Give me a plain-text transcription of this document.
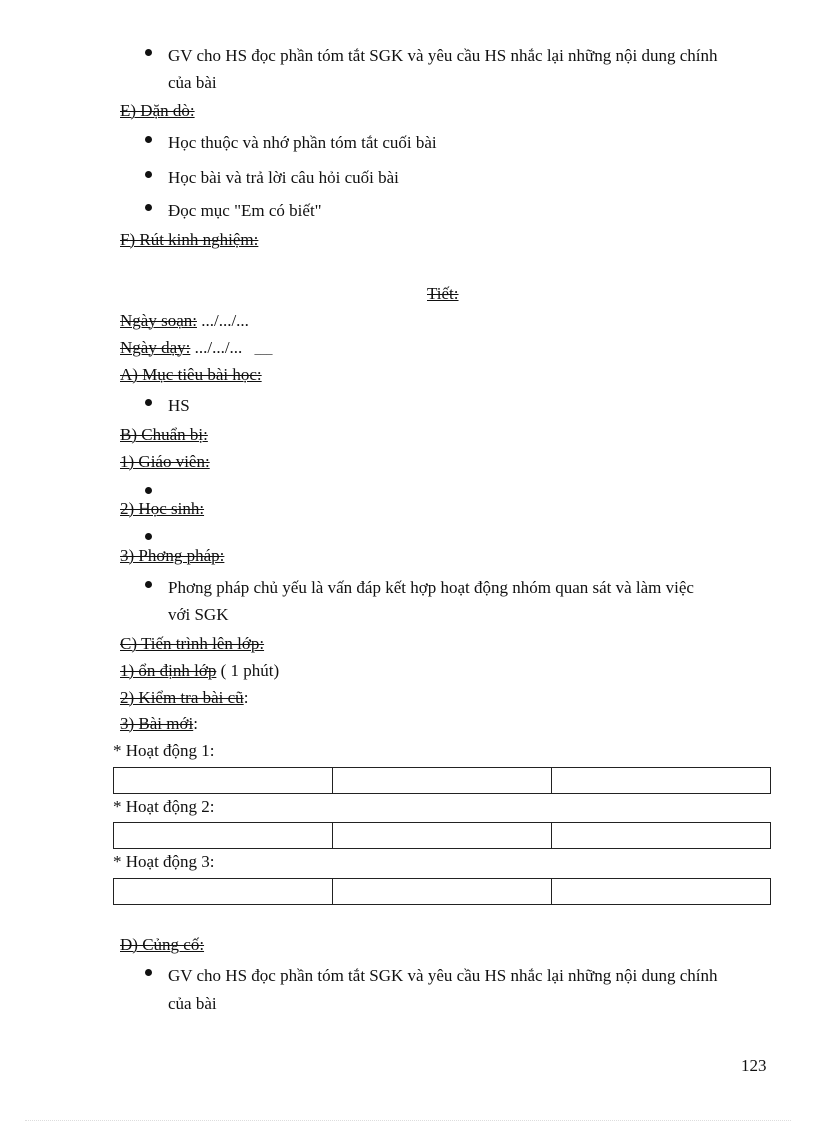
GV cho HS đọc phần tóm tắt SGK và yêu cầu HS nhắc lại những nội dung chính
của bài
E) Dặn dò:
Học thuộc và nhớ phần tóm tắt cuối bài
Học bài và trả lời câu hỏi cuối bài
Đọc mục "Em có biết"
F) Rút kinh nghiệm:
Tiết:
Ngày soạn: .../.../...
Ngày dạy: .../.../... ___
A) Mục tiêu bài học:
HS
B) Chuẩn bị:
1) Giáo viên:
2) Học sinh:
3) Phơng pháp:
Phơng pháp chủ yếu là vấn đáp kết hợp hoạt động nhóm quan sát và làm việc
với SGK
C) Tiến trình lên lớp:
1) ổn định lớp ( 1 phút)
2) Kiểm tra bài cũ:
3) Bài mới:
* Hoạt động 1:

* Hoạt động 2:

* Hoạt động 3:

D) Củng cố:
GV cho HS đọc phần tóm tắt SGK và yêu cầu HS nhắc lại những nội dung chính
của bài
123
